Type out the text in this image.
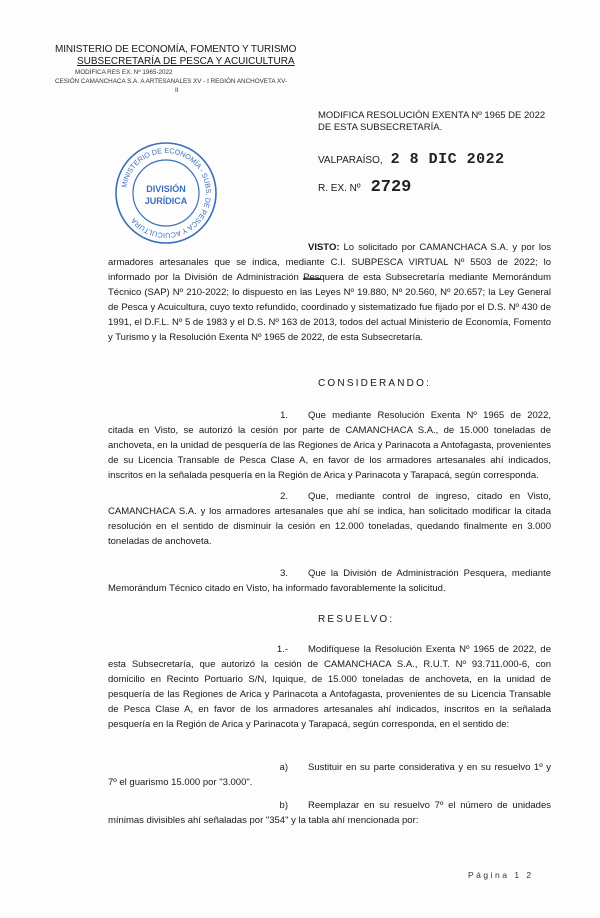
MINISTERIO DE ECONOMÍA, FOMENTO Y TURISMO
SUBSECRETARÍA DE PESCA Y ACUICULTURA
MODIFICA RES EX. Nº 1965-2022
CESIÓN CAMANCHACA S.A. A ARTESANALES XV - I REGIÓN ANCHOVETA XV-
II
MODIFICA RESOLUCIÓN EXENTA Nº 1965 DE 2022 DE ESTA SUBSECRETARÍA.
VALPARAÍSO, 2 8 DIC 2022
R. EX. Nº 2729
MINISTERIO DE ECONOMÍA - SUBS. DE PESCA Y ACUICULTURA
DIVISIÓN
JURÍDICA
VISTO: Lo solicitado por CAMANCHACA S.A. y por los armadores artesanales que se indica, mediante C.I. SUBPESCA VIRTUAL Nº 5503 de 2022; lo informado por la División de Administración Pesquera de esta Subsecretaría mediante Memorándum Técnico (SAP) Nº 210-2022; lo dispuesto en las Leyes Nº 19.880, Nº 20.560, Nº 20.657; la Ley General de Pesca y Acuicultura, cuyo texto refundido, coordinado y sistematizado fue fijado por el D.S. Nº 430 de 1991, el D.F.L. Nº 5 de 1983 y el D.S. Nº 163 de 2013, todos del actual Ministerio de Economía, Fomento y Turismo y la Resolución Exenta Nº 1965 de 2022, de esta Subsecretaría.
CONSIDERANDO:
1. Que mediante Resolución Exenta Nº 1965 de 2022, citada en Visto, se autorizó la cesión por parte de CAMANCHACA S.A., de 15.000 toneladas de anchoveta, en la unidad de pesquería de las Regiones de Arica y Parinacota a Antofagasta, provenientes de su Licencia Transable de Pesca Clase A, en favor de los armadores artesanales ahí indicados, inscritos en la señalada pesquería en la Región de Arica y Parinacota y Tarapacá, según corresponda.
2. Que, mediante control de ingreso, citado en Visto, CAMANCHACA S.A. y los armadores artesanales que ahí se indica, han solicitado modificar la citada resolución en el sentido de disminuir la cesión en 12.000 toneladas, quedando finalmente en 3.000 toneladas de anchoveta.
3. Que la División de Administración Pesquera, mediante Memorándum Técnico citado en Visto, ha informado favorablemente la solicitud.
RESUELVO:
1.- Modifíquese la Resolución Exenta Nº 1965 de 2022, de esta Subsecretaría, que autorizó la cesión de CAMANCHACA S.A., R.U.T. Nº 93.711.000-6, con domicilio en Recinto Portuario S/N, Iquique, de 15.000 toneladas de anchoveta, en la unidad de pesquería de las Regiones de Arica y Parinacota a Antofagasta, provenientes de su Licencia Transable de Pesca Clase A, en favor de los armadores artesanales ahí indicados, inscritos en la señalada pesquería en la Región de Arica y Parinacota y Tarapacá, según corresponda, en el sentido de:
a) Sustituir en su parte considerativa y en su resuelvo 1º y 7º el guarismo 15.000 por "3.000".
b) Reemplazar en su resuelvo 7º el número de unidades mínimas divisibles ahí señaladas por "354" y la tabla ahí mencionada por:
Página 1 2
